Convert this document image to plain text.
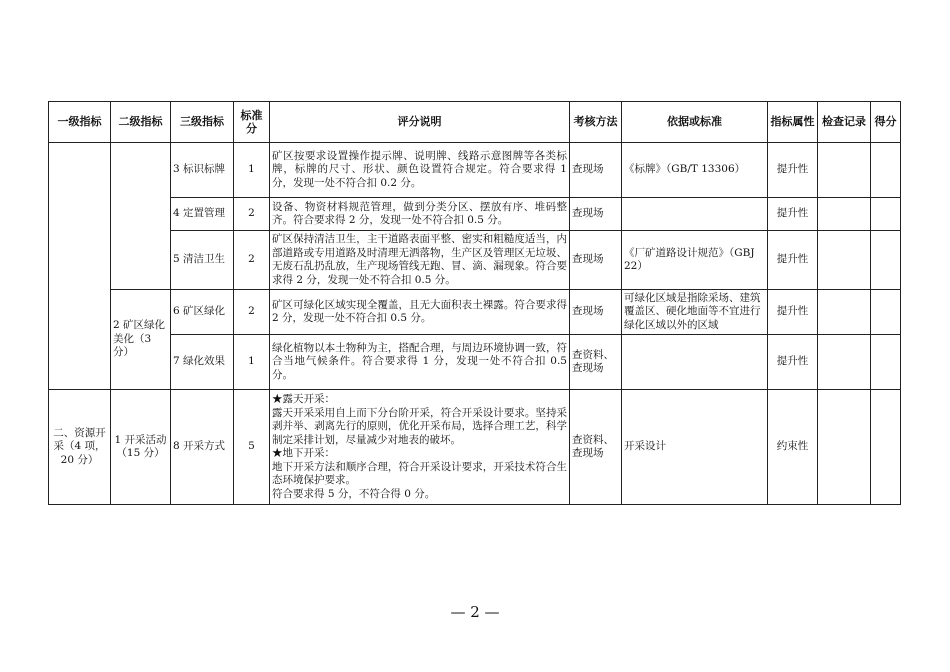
一级指标	二级指标	三级指标	标准分	评分说明	考核方法	依据或标准	指标属性	检查记录	得分
		3 标识标牌	1	矿区按要求设置操作提示牌、说明牌、线路示意图牌等各类标牌，标牌的尺寸、形状、颜色设置符合规定。符合要求得 1 分，发现一处不符合扣 0.2 分。	查现场	《标牌》（GB/T 13306）	提升性		
		4 定置管理	2	设备、物资材料规范管理，做到分类分区、摆放有序、堆码整齐。符合要求得 2 分，发现一处不符合扣 0.5 分。	查现场		提升性		
		5 清洁卫生	2	矿区保持清洁卫生，主干道路表面平整、密实和粗糙度适当，内部道路或专用道路及时清理无洒落物，生产区及管理区无垃圾、无废石乱扔乱放，生产现场管线无跑、冒、滴、漏现象。符合要求得 2 分，发现一处不符合扣 0.5 分。	查现场	《厂矿道路设计规范》（GBJ 22）	提升性		
	2 矿区绿化美化（3 分）	6 矿区绿化	2	矿区可绿化区域实现全覆盖，且无大面积表土裸露。符合要求得 2 分，发现一处不符合扣 0.5 分。	查现场	可绿化区域是指除采场、建筑覆盖区、硬化地面等不宜进行绿化区域以外的区域	提升性		
		7 绿化效果	1	绿化植物以本土物种为主，搭配合理，与周边环境协调一致，符合当地气候条件。符合要求得 1 分，发现一处不符合扣 0.5 分。	查资料、查现场		提升性		
二、资源开采（4 项，20 分）	1 开采活动（15 分）	8 开采方式	5	★露天开采：
露天开采采用自上而下分台阶开采，符合开采设计要求。坚持采剥并举、剥离先行的原则，优化开采布局，选择合理工艺，科学制定采排计划，尽量减少对地表的破坏。
★地下开采：
地下开采方法和顺序合理，符合开采设计要求，开采技术符合生态环境保护要求。
符合要求得 5 分，不符合得 0 分。	查资料、查现场	开采设计	约束性		
— 2 —
